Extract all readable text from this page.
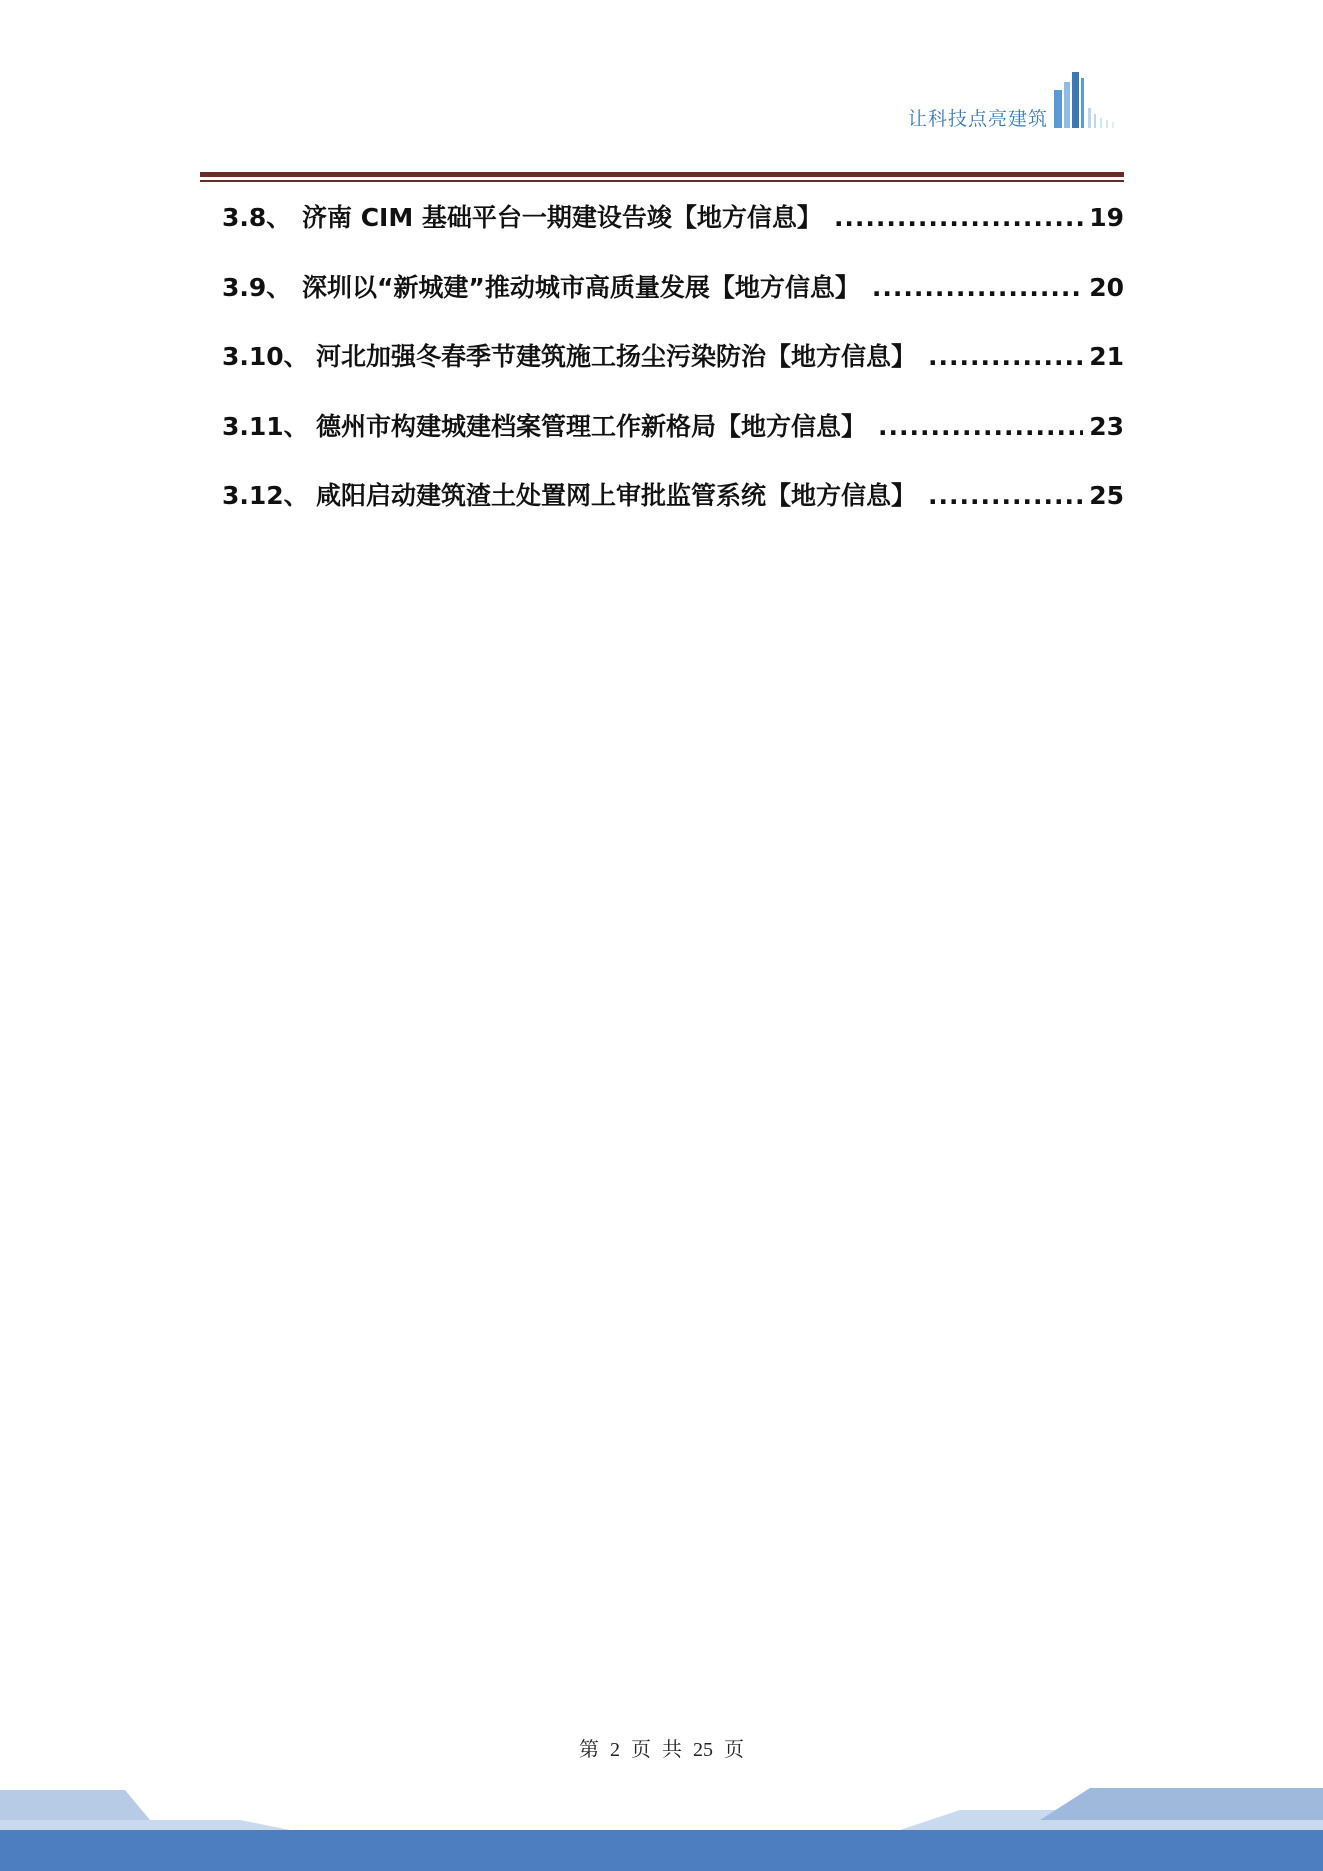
让科技点亮建筑
3.8、 济南 CIM 基础平台一期建设告竣【地方信息】 .....	19
3.9、 深圳以“新城建”推动城市高质量发展【地方信息】 .....	20
3.10、 河北加强冬春季节建筑施工扬尘污染防治【地方信息】 .....	21
3.11、 德州市构建城建档案管理工作新格局【地方信息】 .....	23
3.12、 咸阳启动建筑渣土处置网上审批监管系统【地方信息】 .....	25
第 2 页 共 25 页
